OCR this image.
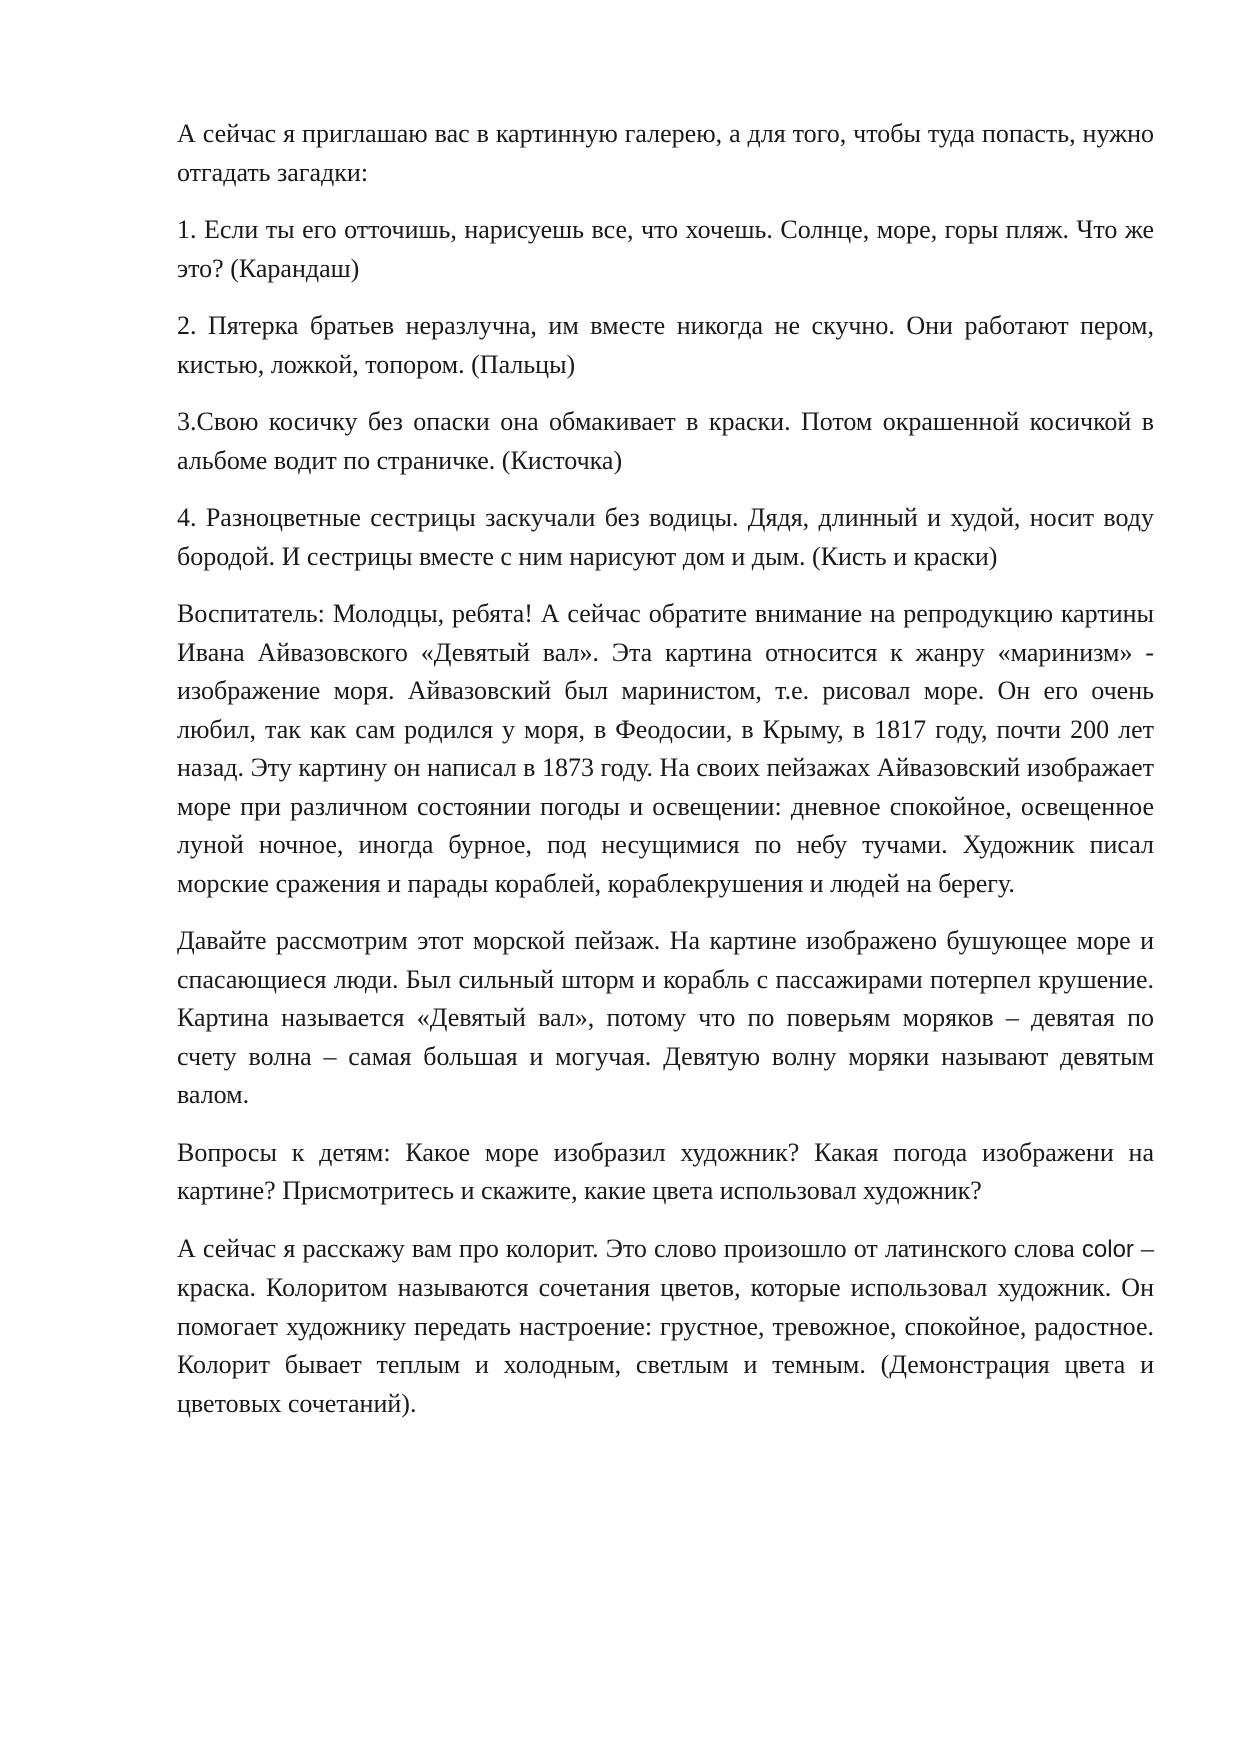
А сейчас я приглашаю вас в картинную галерею, а для того, чтобы туда попасть, нужно отгадать загадки:

1. Если ты его отточишь, нарисуешь все, что хочешь. Солнце, море, горы пляж. Что же это? (Карандаш)

2. Пятерка братьев неразлучна, им вместе никогда не скучно. Они работают пером, кистью, ложкой, топором. (Пальцы)

3.Свою косичку без опаски она обмакивает в краски. Потом окрашенной косичкой в альбоме водит по страничке. (Кисточка)

4. Разноцветные сестрицы заскучали без водицы. Дядя, длинный и худой, носит воду бородой. И сестрицы вместе с ним нарисуют дом и дым. (Кисть и краски)

Воспитатель: Молодцы, ребята! А сейчас обратите внимание на репродукцию картины Ивана Айвазовского «Девятый вал». Эта картина относится к жанру «маринизм» - изображение моря. Айвазовский был маринистом, т.е. рисовал море. Он его очень любил, так как сам родился у моря, в Феодосии, в Крыму, в 1817 году, почти 200 лет назад. Эту картину он написал в 1873 году. На своих пейзажах Айвазовский изображает море при различном состоянии погоды и освещении: дневное спокойное, освещенное луной ночное, иногда бурное, под несущимися по небу тучами. Художник писал морские сражения и парады кораблей, кораблекрушения и людей на берегу.

Давайте рассмотрим этот морской пейзаж. На картине изображено бушующее море и спасающиеся люди. Был сильный шторм и корабль с пассажирами потерпел крушение. Картина называется «Девятый вал», потому что по поверьям моряков – девятая по счету волна – самая большая и могучая. Девятую волну моряки называют девятым валом.

Вопросы к детям: Какое море изобразил художник? Какая погода изображени на картине? Присмотритесь и скажите, какие цвета использовал художник?

А сейчас я расскажу вам про колорит. Это слово произошло от латинского слова color – краска. Колоритом называются сочетания цветов, которые использовал художник. Он помогает художнику передать настроение: грустное, тревожное, спокойное, радостное. Колорит бывает теплым и холодным, светлым и темным. (Демонстрация цвета и цветовых сочетаний).
